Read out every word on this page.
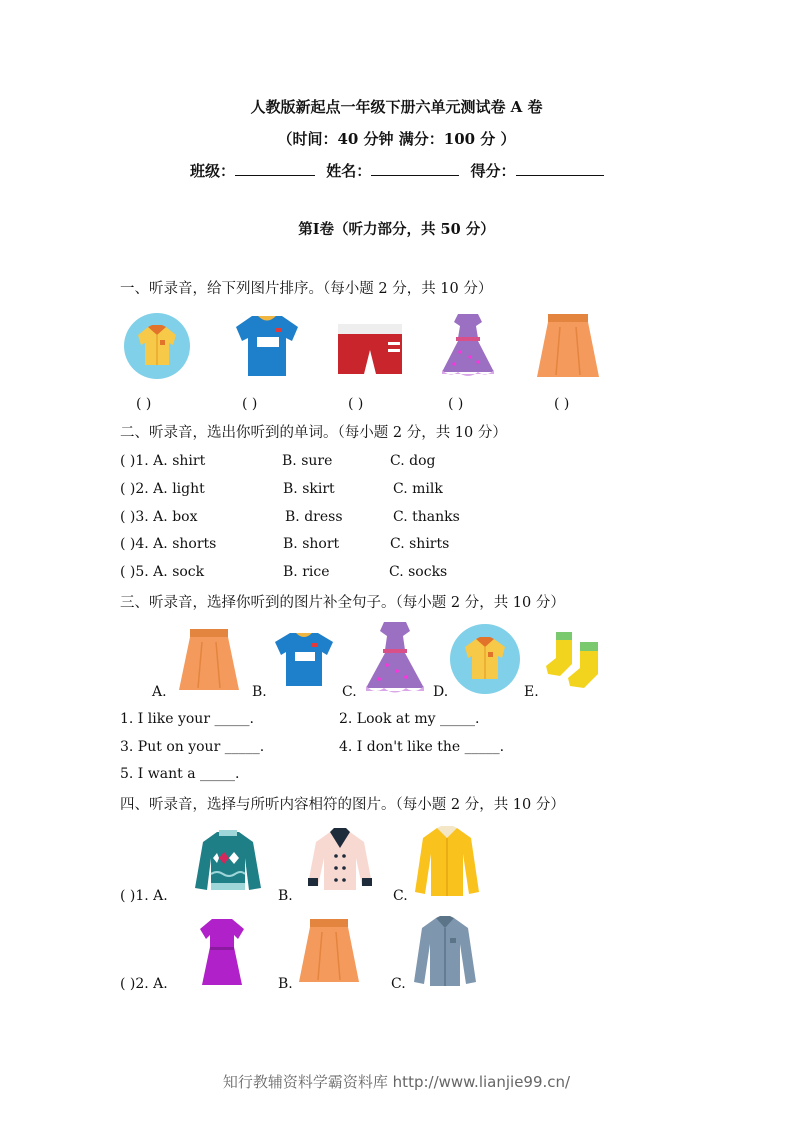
人教版新起点一年级下册六单元测试卷 A 卷
（时间：40 分钟 满分：100 分 ）
班级：	姓名：	得分：
第I卷（听力部分，共 50 分）
一、听录音，给下列图片排序。（每小题 2 分，共 10 分）
( )	( )	( )	( )	( )
二、听录音，选出你听到的单词。（每小题 2 分，共 10 分）
( )1. A. shirt	B. sure	C. dog
( )2. A. light	B. skirt	C. milk
( )3. A. box	B. dress	C. thanks
( )4. A. shorts	B. short	C. shirts
( )5. A. sock	B. rice	C. socks
三、听录音，选择你听到的图片补全句子。（每小题 2 分，共 10 分）
A.	B.	C.	D.	E.
1. I like your _____.	2. Look at my _____.
3. Put on your _____.	4. I don't like the _____.
5. I want a _____.
四、听录音，选择与所听内容相符的图片。（每小题 2 分，共 10 分）
( )1. A.	B.	C.
( )2. A.	B.	C.
知行教辅资料学霸资料库 http://www.lianjie99.cn/
